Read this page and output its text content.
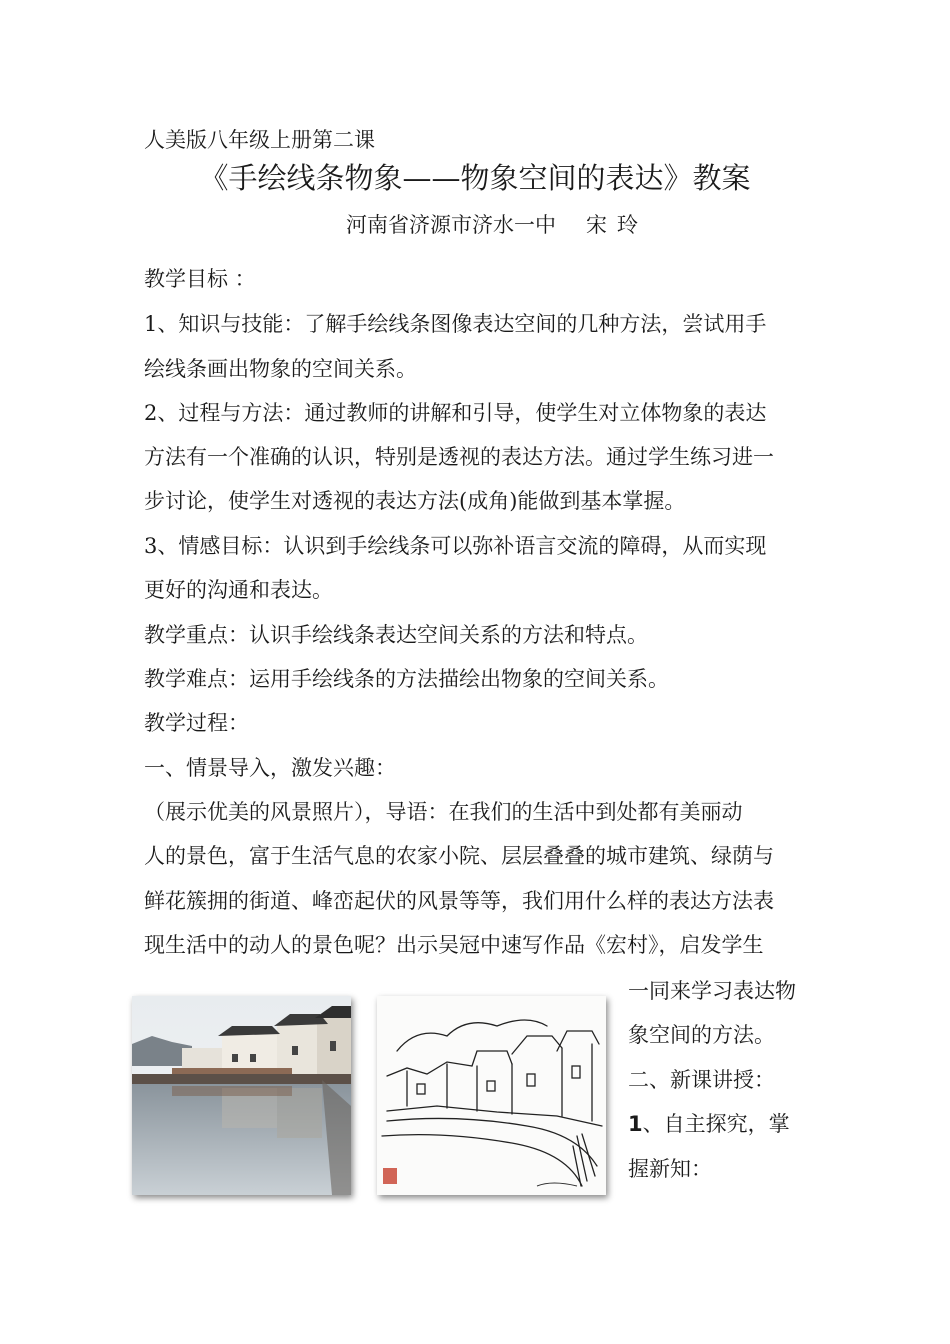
人美版八年级上册第二课
《手绘线条物象——物象空间的表达》教案
河南省济源市济水一中 宋玲
教学目标 ：
1、知识与技能：了解手绘线条图像表达空间的几种方法，尝试用手
绘线条画出物象的空间关系。
2、过程与方法：通过教师的讲解和引导，使学生对立体物象的表达
方法有一个准确的认识，特别是透视的表达方法。通过学生练习进一
步讨论，使学生对透视的表达方法(成角)能做到基本掌握。
3、情感目标：认识到手绘线条可以弥补语言交流的障碍，从而实现
更好的沟通和表达。
教学重点：认识手绘线条表达空间关系的方法和特点。
教学难点：运用手绘线条的方法描绘出物象的空间关系。
教学过程：
一、情景导入，激发兴趣：
（展示优美的风景照片），导语：在我们的生活中到处都有美丽动
人的景色，富于生活气息的农家小院、层层叠叠的城市建筑、绿荫与
鲜花簇拥的街道、峰峦起伏的风景等等，我们用什么样的表达方法表
现生活中的动人的景色呢？出示吴冠中速写作品《宏村》，启发学生
一同来学习表达物
象空间的方法。
二、新课讲授：
1、自主探究，掌
握新知：
